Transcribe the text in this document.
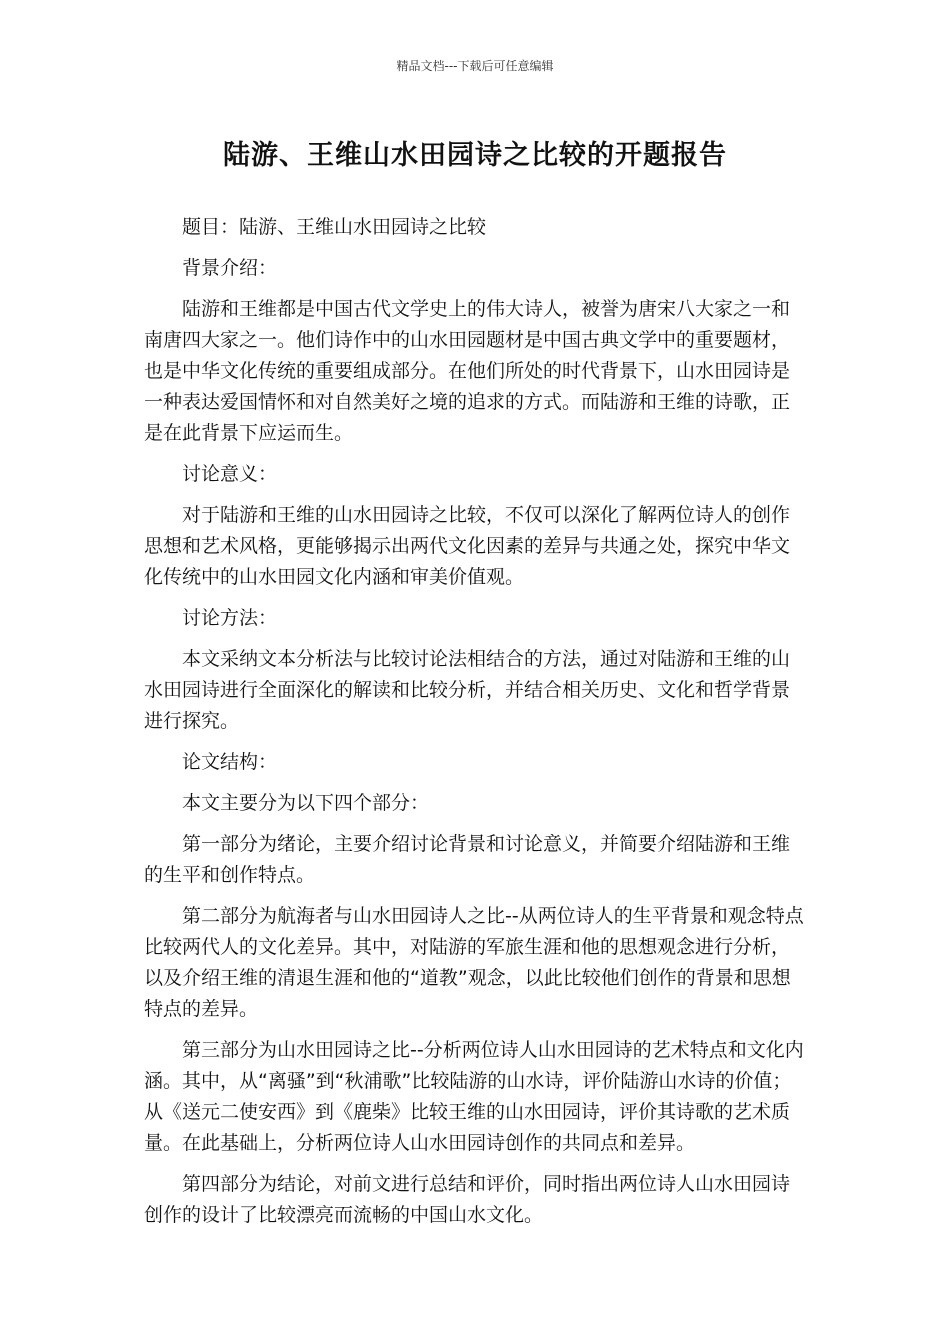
精品文档---下载后可任意编辑
陆游、王维山水田园诗之比较的开题报告

题目：陆游、王维山水田园诗之比较

背景介绍：

陆游和王维都是中国古代文学史上的伟大诗人，被誉为唐宋八大家之一和南唐四大家之一。他们诗作中的山水田园题材是中国古典文学中的重要题材，也是中华文化传统的重要组成部分。在他们所处的时代背景下，山水田园诗是一种表达爱国情怀和对自然美好之境的追求的方式。而陆游和王维的诗歌，正是在此背景下应运而生。

讨论意义：

对于陆游和王维的山水田园诗之比较，不仅可以深化了解两位诗人的创作思想和艺术风格，更能够揭示出两代文化因素的差异与共通之处，探究中华文化传统中的山水田园文化内涵和审美价值观。

讨论方法：

本文采纳文本分析法与比较讨论法相结合的方法，通过对陆游和王维的山水田园诗进行全面深化的解读和比较分析，并结合相关历史、文化和哲学背景进行探究。

论文结构：

本文主要分为以下四个部分：

第一部分为绪论，主要介绍讨论背景和讨论意义，并简要介绍陆游和王维的生平和创作特点。

第二部分为航海者与山水田园诗人之比--从两位诗人的生平背景和观念特点比较两代人的文化差异。其中，对陆游的军旅生涯和他的思想观念进行分析，以及介绍王维的清退生涯和他的“道教”观念，以此比较他们创作的背景和思想特点的差异。

第三部分为山水田园诗之比--分析两位诗人山水田园诗的艺术特点和文化内涵。其中，从“离骚”到“秋浦歌”比较陆游的山水诗，评价陆游山水诗的价值；从《送元二使安西》到《鹿柴》比较王维的山水田园诗，评价其诗歌的艺术质量。在此基础上，分析两位诗人山水田园诗创作的共同点和差异。

第四部分为结论，对前文进行总结和评价，同时指出两位诗人山水田园诗创作的设计了比较漂亮而流畅的中国山水文化。
